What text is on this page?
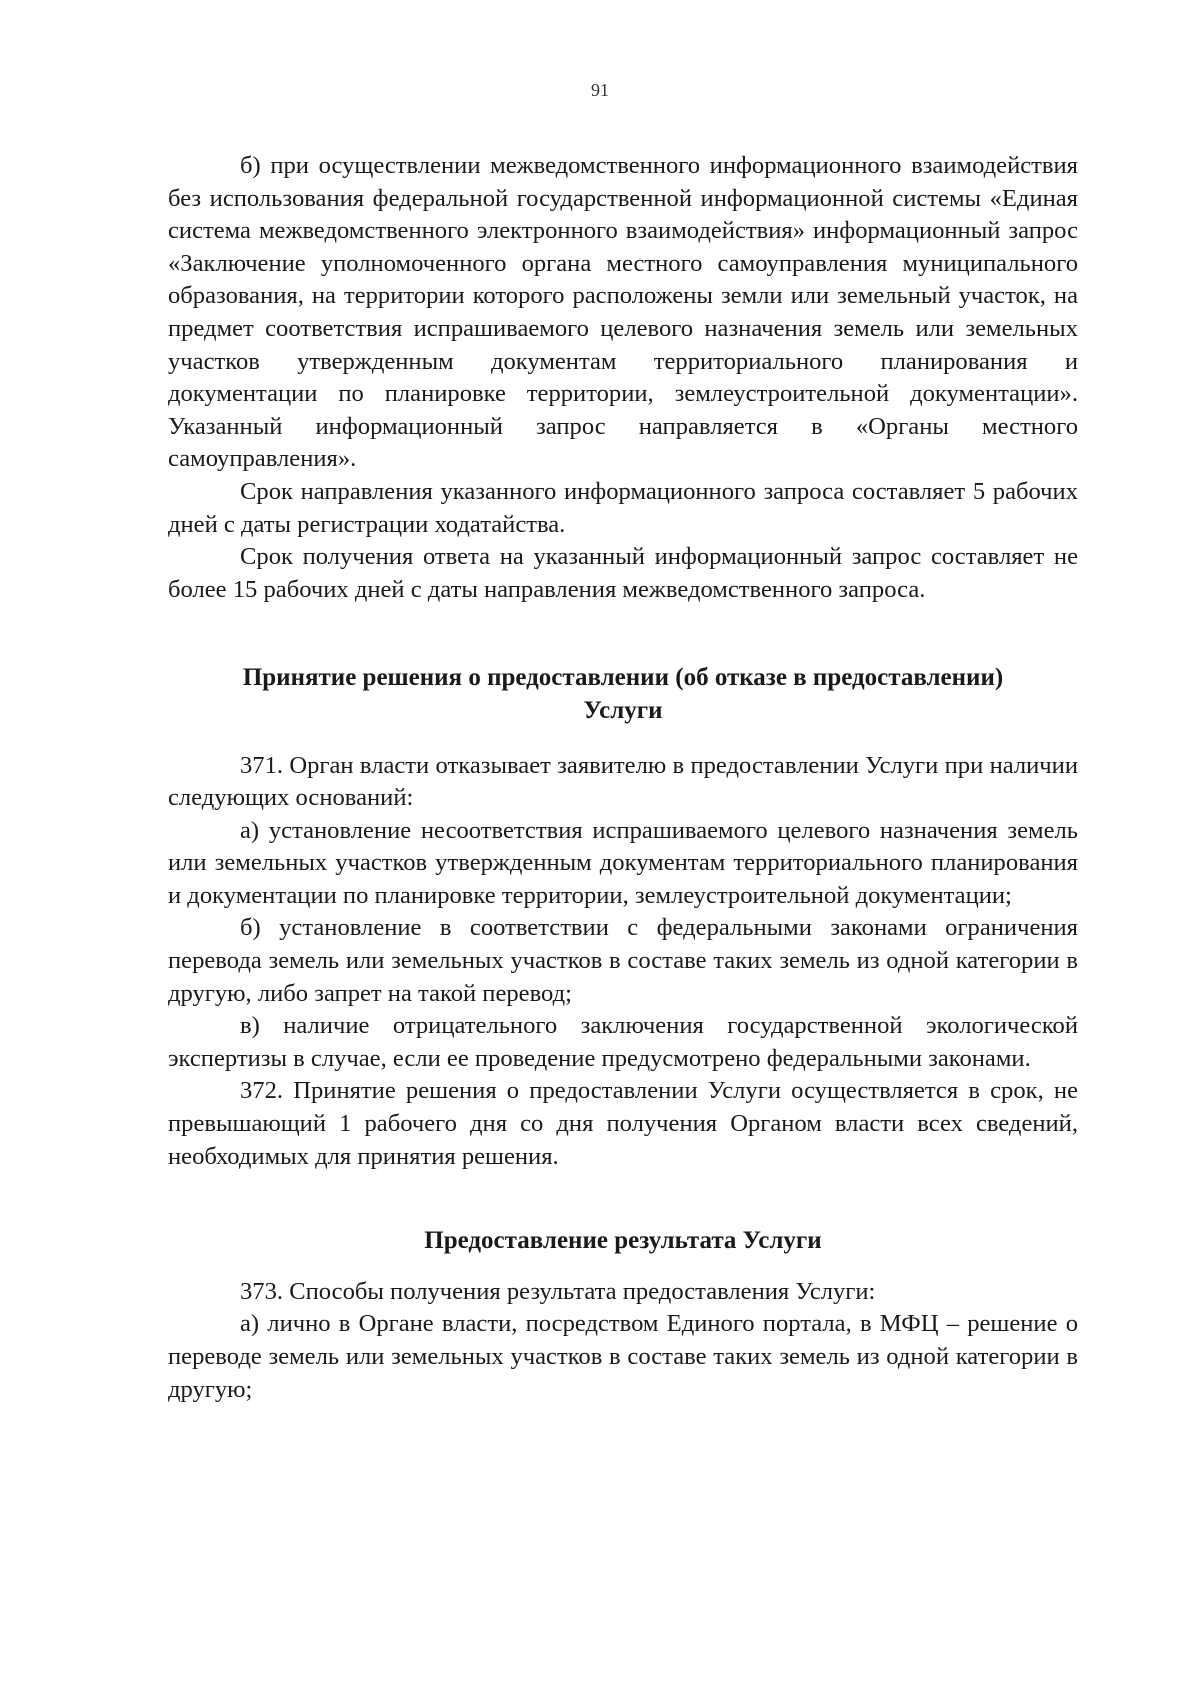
91

б) при осуществлении межведомственного информационного взаимодействия без использования федеральной государственной информационной системы «Единая система межведомственного электронного взаимодействия» информационный запрос «Заключение уполномоченного органа местного самоуправления муниципального образования, на территории которого расположены земли или земельный участок, на предмет соответствия испрашиваемого целевого назначения земель или земельных участков утвержденным документам территориального планирования и документации по планировке территории, землеустроительной документации». Указанный информационный запрос направляется в «Органы местного самоуправления».

Срок направления указанного информационного запроса составляет 5 рабочих дней с даты регистрации ходатайства.

Срок получения ответа на указанный информационный запрос составляет не более 15 рабочих дней с даты направления межведомственного запроса.

Принятие решения о предоставлении (об отказе в предоставлении)
Услуги

371. Орган власти отказывает заявителю в предоставлении Услуги при наличии следующих оснований:

а) установление несоответствия испрашиваемого целевого назначения земель или земельных участков утвержденным документам территориального планирования и документации по планировке территории, землеустроительной документации;

б) установление в соответствии с федеральными законами ограничения перевода земель или земельных участков в составе таких земель из одной категории в другую, либо запрет на такой перевод;

в) наличие отрицательного заключения государственной экологической экспертизы в случае, если ее проведение предусмотрено федеральными законами.

372. Принятие решения о предоставлении Услуги осуществляется в срок, не превышающий 1 рабочего дня со дня получения Органом власти всех сведений, необходимых для принятия решения.

Предоставление результата Услуги

373. Способы получения результата предоставления Услуги:

а) лично в Органе власти, посредством Единого портала, в МФЦ – решение о переводе земель или земельных участков в составе таких земель из одной категории в другую;
